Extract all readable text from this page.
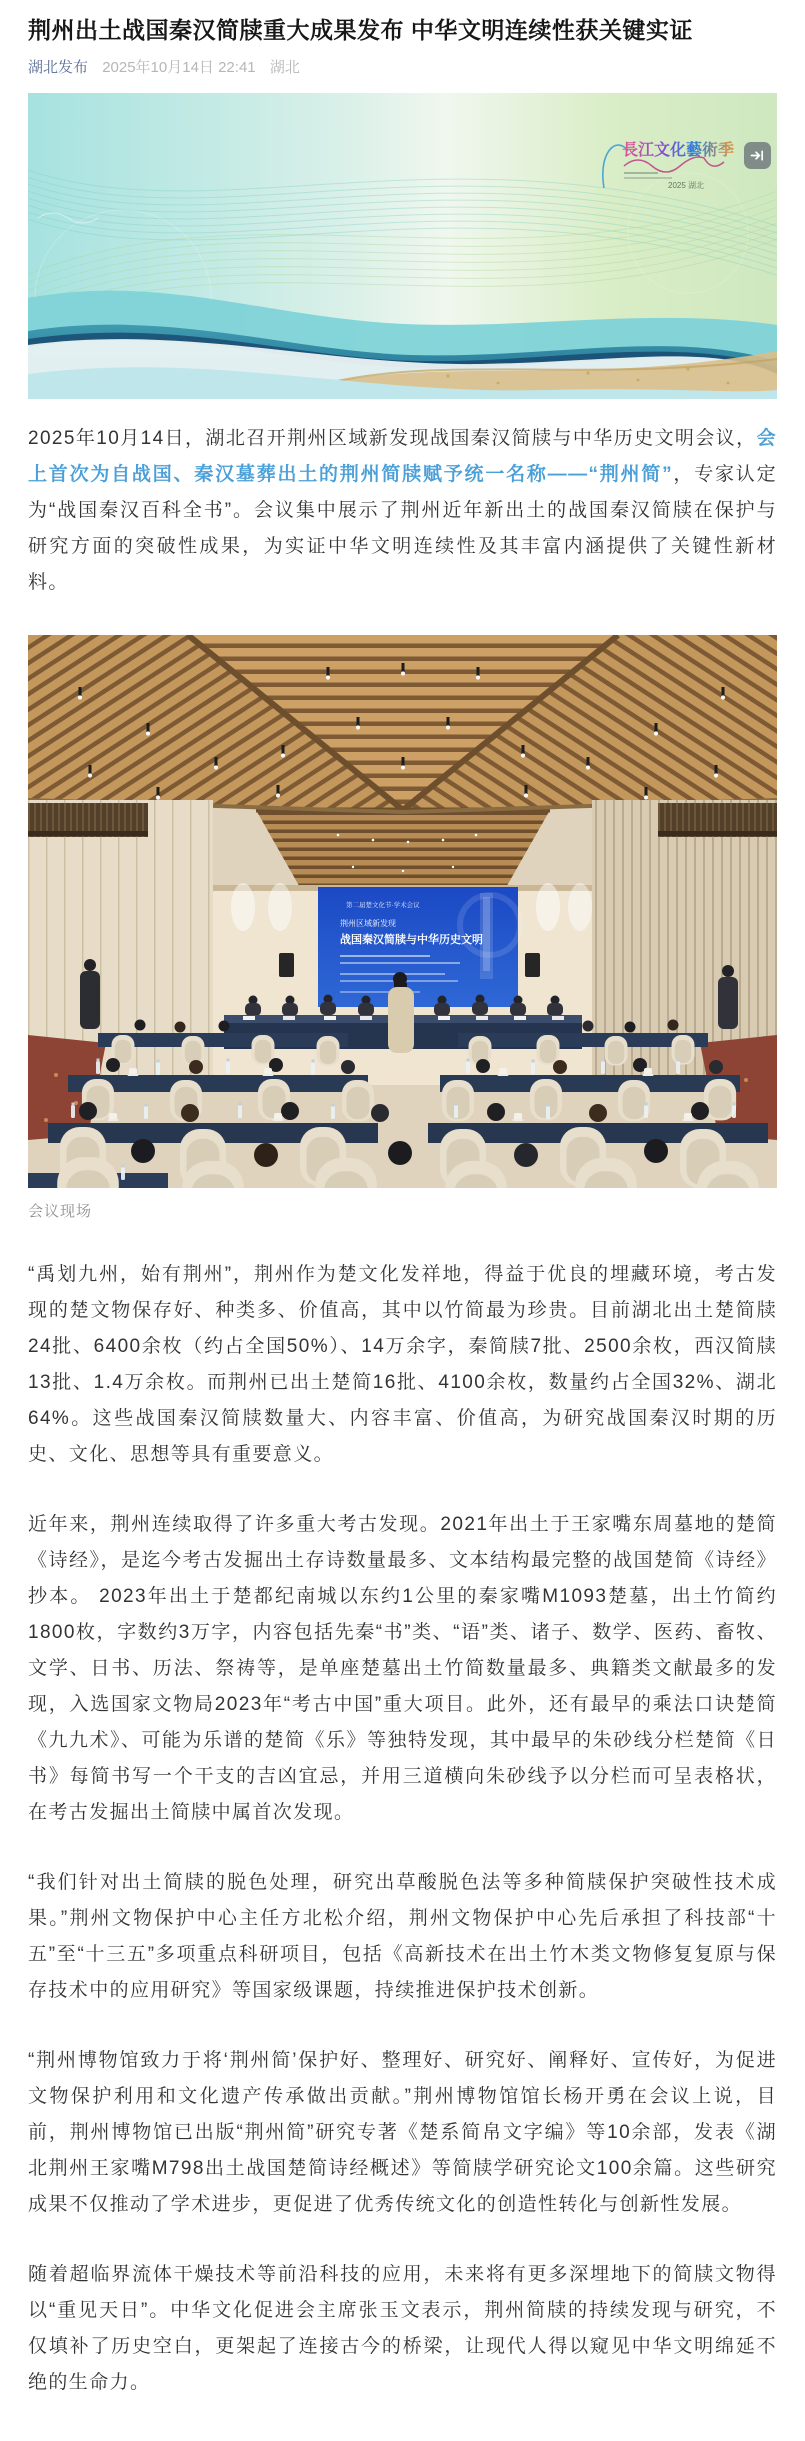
荆州出土战国秦汉简牍重大成果发布 中华文明连续性获关键实证
湖北发布 2025年10月14日 22:41 湖北
長江文化藝術季
2025 湖北

2025年10月14日，湖北召开荆州区域新发现战国秦汉简牍与中华历史文明会议，会上首次为自战国、秦汉墓葬出土的荆州简牍赋予统一名称——“荆州简”，专家认定为“战国秦汉百科全书”。会议集中展示了荆州近年新出土的战国秦汉简牍在保护与研究方面的突破性成果，为实证中华文明连续性及其丰富内涵提供了关键性新材料。

第二届楚文化节·学术会议
荆州区域新发现
战国秦汉简牍与中华历史文明
会议现场

“禹划九州，始有荆州”，荆州作为楚文化发祥地，得益于优良的埋藏环境，考古发现的楚文物保存好、种类多、价值高，其中以竹简最为珍贵。目前湖北出土楚简牍24批、6400余枚（约占全国50%）、14万余字，秦简牍7批、2500余枚，西汉简牍13批、1.4万余枚。而荆州已出土楚简16批、4100余枚，数量约占全国32%、湖北64%。这些战国秦汉简牍数量大、内容丰富、价值高，为研究战国秦汉时期的历史、文化、思想等具有重要意义。

近年来，荆州连续取得了许多重大考古发现。2021年出土于王家嘴东周墓地的楚简《诗经》，是迄今考古发掘出土存诗数量最多、文本结构最完整的战国楚简《诗经》抄本。 2023年出土于楚都纪南城以东约1公里的秦家嘴M1093楚墓，出土竹简约1800枚，字数约3万字，内容包括先秦“书”类、“语”类、诸子、数学、医药、畜牧、文学、日书、历法、祭祷等，是单座楚墓出土竹简数量最多、典籍类文献最多的发现，入选国家文物局2023年“考古中国”重大项目。此外，还有最早的乘法口诀楚简《九九术》、可能为乐谱的楚简《乐》等独特发现，其中最早的朱砂线分栏楚简《日书》每简书写一个干支的吉凶宜忌，并用三道横向朱砂线予以分栏而可呈表格状，在考古发掘出土简牍中属首次发现。

“我们针对出土简牍的脱色处理，研究出草酸脱色法等多种简牍保护突破性技术成果。”荆州文物保护中心主任方北松介绍，荆州文物保护中心先后承担了科技部“十五”至“十三五”多项重点科研项目，包括《高新技术在出土竹木类文物修复复原与保存技术中的应用研究》等国家级课题，持续推进保护技术创新。

“荆州博物馆致力于将‘荆州简’保护好、整理好、研究好、阐释好、宣传好，为促进文物保护利用和文化遗产传承做出贡献。”荆州博物馆馆长杨开勇在会议上说，目前，荆州博物馆已出版“荆州简”研究专著《楚系简帛文字编》等10余部，发表《湖北荆州王家嘴M798出土战国楚简诗经概述》等简牍学研究论文100余篇。这些研究成果不仅推动了学术进步，更促进了优秀传统文化的创造性转化与创新性发展。

随着超临界流体干燥技术等前沿科技的应用，未来将有更多深埋地下的简牍文物得以“重见天日”。中华文化促进会主席张玉文表示，荆州简牍的持续发现与研究，不仅填补了历史空白，更架起了连接古今的桥梁，让现代人得以窥见中华文明绵延不绝的生命力。
